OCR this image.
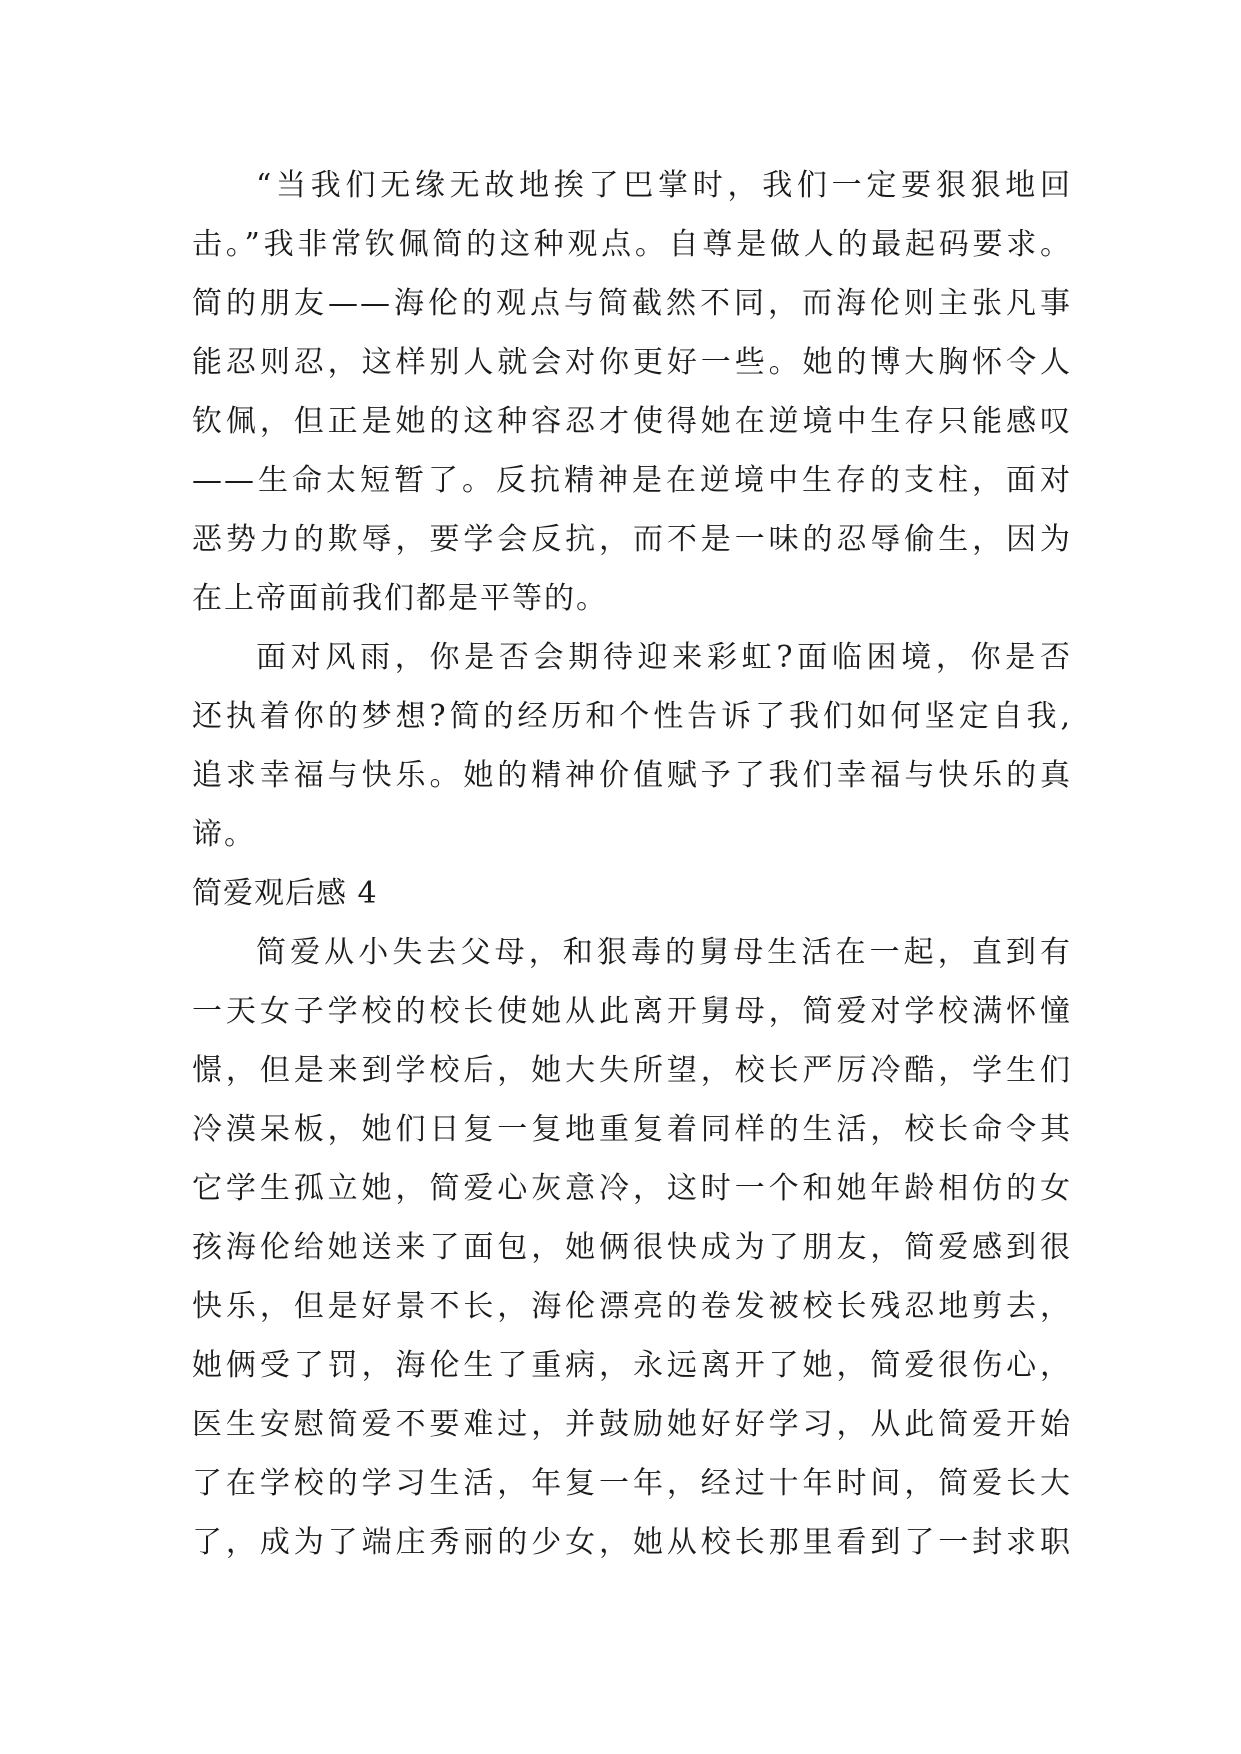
“当我们无缘无故地挨了巴掌时，我们一定要狠狠地回
击。”我非常钦佩简的这种观点。自尊是做人的最起码要求。
简的朋友——海伦的观点与简截然不同，而海伦则主张凡事
能忍则忍，这样别人就会对你更好一些。她的博大胸怀令人
钦佩，但正是她的这种容忍才使得她在逆境中生存只能感叹
——生命太短暂了。反抗精神是在逆境中生存的支柱，面对
恶势力的欺辱，要学会反抗，而不是一味的忍辱偷生，因为
在上帝面前我们都是平等的。
面对风雨，你是否会期待迎来彩虹?面临困境，你是否
还执着你的梦想?简的经历和个性告诉了我们如何坚定自我,
追求幸福与快乐。她的精神价值赋予了我们幸福与快乐的真
谛。
简爱观后感 4
简爱从小失去父母，和狠毒的舅母生活在一起，直到有
一天女子学校的校长使她从此离开舅母，简爱对学校满怀憧
憬，但是来到学校后，她大失所望，校长严厉冷酷，学生们
冷漠呆板，她们日复一复地重复着同样的生活，校长命令其
它学生孤立她，简爱心灰意冷，这时一个和她年龄相仿的女
孩海伦给她送来了面包，她俩很快成为了朋友，简爱感到很
快乐，但是好景不长，海伦漂亮的卷发被校长残忍地剪去，
她俩受了罚，海伦生了重病，永远离开了她，简爱很伤心，
医生安慰简爱不要难过，并鼓励她好好学习，从此简爱开始
了在学校的学习生活，年复一年，经过十年时间，简爱长大
了，成为了端庄秀丽的少女，她从校长那里看到了一封求职
